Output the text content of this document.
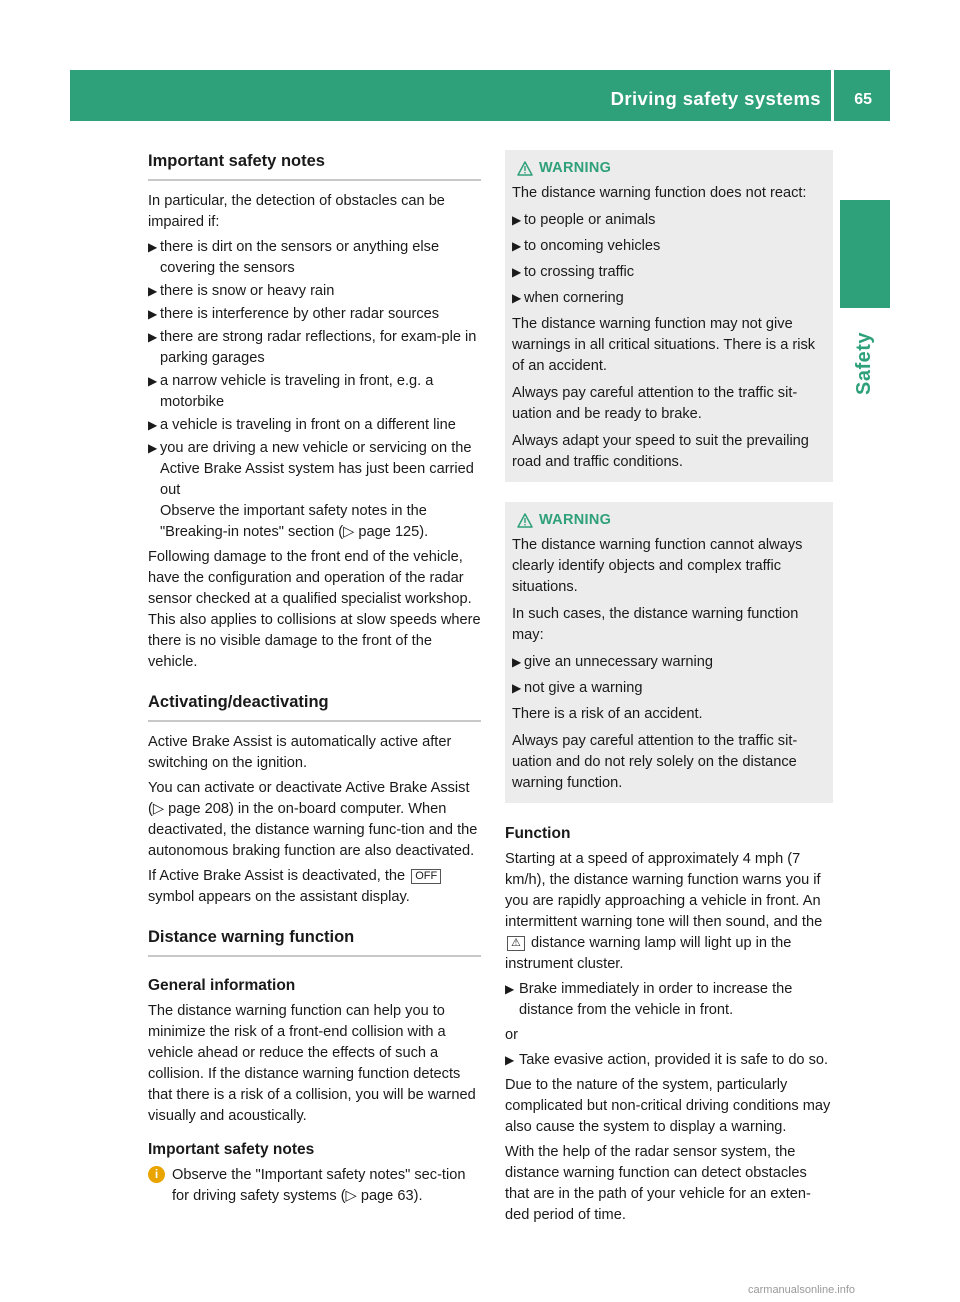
Driving safety systems 65
Safety
Important safety notes

In particular, the detection of obstacles can be impaired if:

▶ there is dirt on the sensors or anything else covering the sensors
▶ there is snow or heavy rain
▶ there is interference by other radar sources
▶ there are strong radar reflections, for exam-ple in parking garages
▶ a narrow vehicle is traveling in front, e.g. a motorbike
▶ a vehicle is traveling in front on a different line
▶ you are driving a new vehicle or servicing on the Active Brake Assist system has just been carried out
Observe the important safety notes in the "Breaking-in notes" section (▷ page 125).

Following damage to the front end of the vehicle, have the configuration and operation of the radar sensor checked at a qualified specialist workshop. This also applies to collisions at slow speeds where there is no visible damage to the front of the vehicle.

Activating/deactivating

Active Brake Assist is automatically active after switching on the ignition.

You can activate or deactivate Active Brake Assist (▷ page 208) in the on-board computer. When deactivated, the distance warning func-tion and the autonomous braking function are also deactivated.

If Active Brake Assist is deactivated, the OFF symbol appears on the assistant display.

Distance warning function
General information

The distance warning function can help you to minimize the risk of a front-end collision with a vehicle ahead or reduce the effects of such a collision. If the distance warning function detects that there is a risk of a collision, you will be warned visually and acoustically.

Important safety notes
i Observe the "Important safety notes" sec-tion for driving safety systems (▷ page 63).
WARNING

The distance warning function does not react:

▶ to people or animals
▶ to oncoming vehicles
▶ to crossing traffic
▶ when cornering

The distance warning function may not give warnings in all critical situations. There is a risk of an accident.

Always pay careful attention to the traffic sit-uation and be ready to brake.

Always adapt your speed to suit the prevailing road and traffic conditions.

WARNING

The distance warning function cannot always clearly identify objects and complex traffic situations.

In such cases, the distance warning function may:

▶ give an unnecessary warning
▶ not give a warning

There is a risk of an accident.

Always pay careful attention to the traffic sit-uation and do not rely solely on the distance warning function.

Function

Starting at a speed of approximately 4 mph (7 km/h), the distance warning function warns you if you are rapidly approaching a vehicle in front. An intermittent warning tone will then sound, and the ⚠ distance warning lamp will light up in the instrument cluster.

▶ Brake immediately in order to increase the distance from the vehicle in front.

or

▶ Take evasive action, provided it is safe to do so.

Due to the nature of the system, particularly complicated but non-critical driving conditions may also cause the system to display a warning.

With the help of the radar sensor system, the distance warning function can detect obstacles that are in the path of your vehicle for an exten-ded period of time.

carmanualsonline.info
